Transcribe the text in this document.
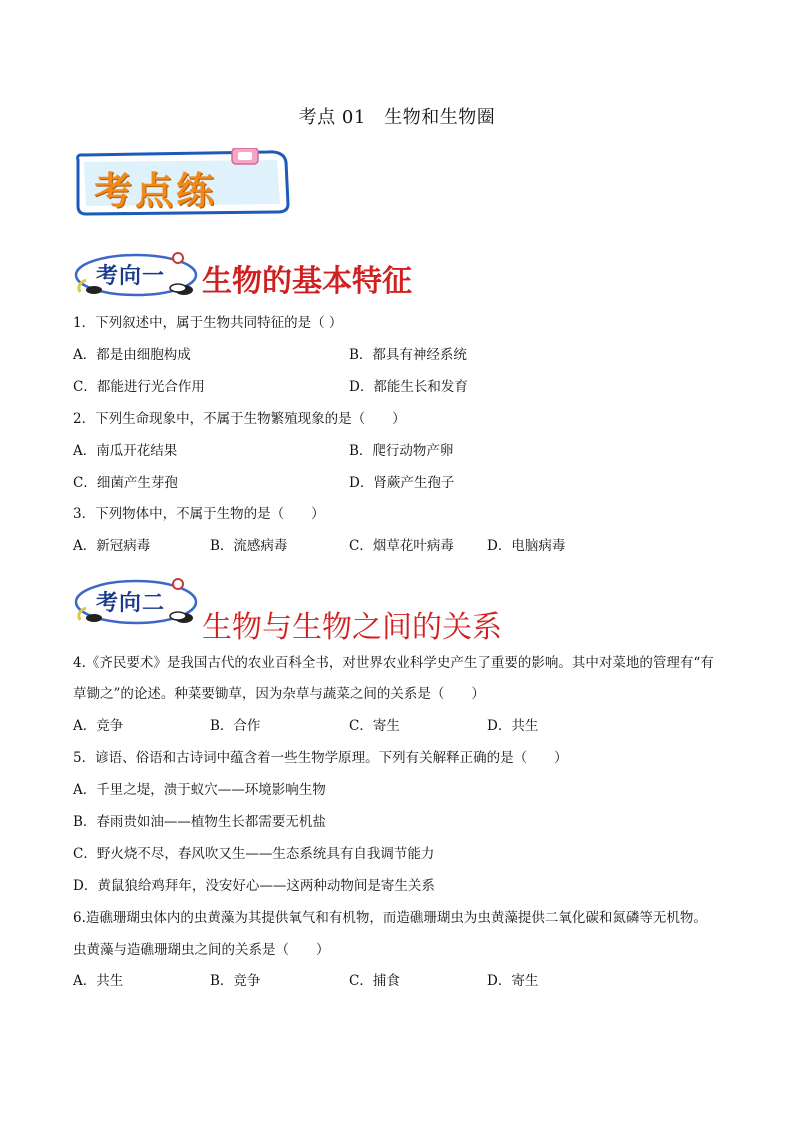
考点 01　生物和生物圈
考点练
考向一 生物的基本特征
1．下列叙述中，属于生物共同特征的是（ ）
A．都是由细胞构成	B．都具有神经系统
C．都能进行光合作用	D．都能生长和发育
2．下列生命现象中，不属于生物繁殖现象的是（　　）
A．南瓜开花结果	B．爬行动物产卵
C．细菌产生芽孢	D．肾蕨产生孢子
3．下列物体中，不属于生物的是（　　）
A．新冠病毒	B．流感病毒	C．烟草花叶病毒 D．电脑病毒
考向二
生物与生物之间的关系
4.《齐民要术》是我国古代的农业百科全书，对世界农业科学史产生了重要的影响。其中对菜地的管理有“有
草锄之”的论述。种菜要锄草，因为杂草与蔬菜之间的关系是（　　）
A．竞争	B．合作	C．寄生	D．共生
5．谚语、俗语和古诗词中蕴含着一些生物学原理。下列有关解释正确的是（　　）
A．千里之堤，溃于蚁穴——环境影响生物
B．春雨贵如油——植物生长都需要无机盐
C．野火烧不尽，春风吹又生——生态系统具有自我调节能力
D．黄鼠狼给鸡拜年，没安好心——这两种动物间是寄生关系
6.造礁珊瑚虫体内的虫黄藻为其提供氧气和有机物，而造礁珊瑚虫为虫黄藻提供二氧化碳和氮磷等无机物。
虫黄藻与造礁珊瑚虫之间的关系是（　　）
A．共生	B．竞争	C．捕食	D．寄生
